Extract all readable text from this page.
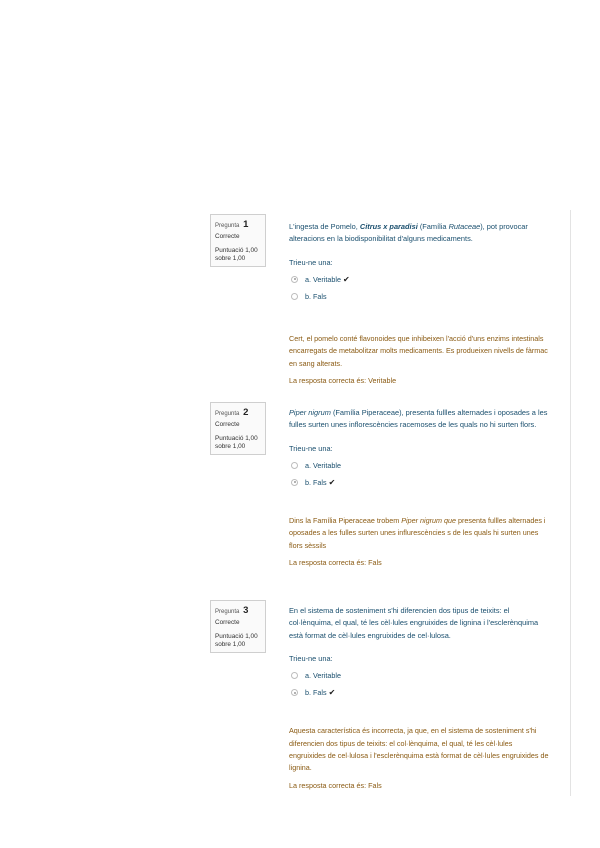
Pregunta 1
Correcte
Puntuació 1,00
sobre 1,00
L'ingesta de Pomelo, Citrus x paradisi (Família Rutaceae), pot provocar alteracions en la biodisponibilitat d'alguns medicaments.
Trieu-ne una:
a. Veritable ✔
b. Fals
Cert, el pomelo conté flavonoides que inhibeixen l'acció d'uns enzims intestinals encarregats de metabolitzar molts medicaments. Es produeixen nivells de fàrmac en sang alterats.
La resposta correcta és: Veritable
Pregunta 2
Correcte
Puntuació 1,00
sobre 1,00
Piper nigrum (Família Piperaceae), presenta fullles alternades i oposades a les fulles surten unes inflorescències racemoses de les quals no hi surten flors.
Trieu-ne una:
a. Veritable
b. Fals ✔
Dins la Família Piperaceae trobem Piper nigrum que presenta fullles alternades i oposades a les fulles surten unes influrescències s de les quals hi surten unes flors sèssils
La resposta correcta és: Fals
Pregunta 3
Correcte
Puntuació 1,00
sobre 1,00
En el sistema de sosteniment s'hi diferencien dos tipus de teixits: el col·lènquima, el qual, té les cèl·lules engruixides de lignina i l'esclerènquima està format de cèl·lules engruixides de cel·lulosa.
Trieu-ne una:
a. Veritable
b. Fals ✔
Aquesta característica és incorrecta, ja que, en el sistema de sosteniment s'hi diferencien dos tipus de teixits: el col·lènquima, el qual, té les cèl·lules engruixides de cel·lulosa i l'esclerènquima està format de cèl·lules engruixides de lignina.
La resposta correcta és: Fals
